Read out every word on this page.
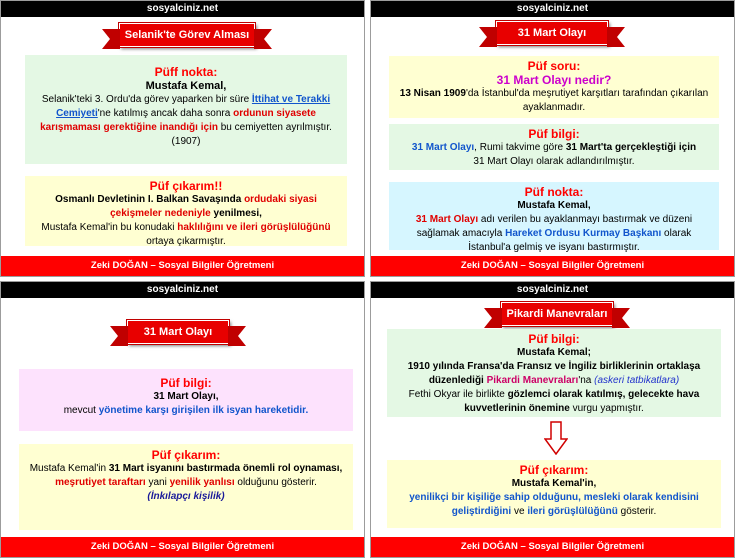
sosyalciniz.net
Selanik'te Görev Alması
Püff nokta:
Mustafa Kemal,
Selanik'teki 3. Ordu'da görev yaparken bir süre İttihat ve Terakki Cemiyeti'ne katılmış ancak daha sonra ordunun siyasete karışmaması gerektiğine inandığı için bu cemiyetten ayrılmıştır. (1907)
Püf çıkarım!!
Osmanlı Devletinin I. Balkan Savaşında ordudaki siyasi çekişmeler nedeniyle yenilmesi,
Mustafa Kemal'in bu konudaki haklılığını ve ileri görüşlülüğünü ortaya çıkarmıştır.
Zeki DOĞAN – Sosyal Bilgiler Öğretmeni
sosyalciniz.net
31 Mart Olayı
Püf soru:
31 Mart Olayı nedir?
13 Nisan 1909'da İstanbul'da meşrutiyet karşıtları tarafından çıkarılan ayaklanmadır.
Püf bilgi:
31 Mart Olayı, Rumi takvime göre 31 Mart'ta gerçekleştiği için
31 Mart Olayı olarak adlandırılmıştır.
Püf nokta:
Mustafa Kemal,
31 Mart Olayı adı verilen bu ayaklanmayı bastırmak ve düzeni sağlamak amacıyla Hareket Ordusu Kurmay Başkanı olarak İstanbul'a gelmiş ve isyanı bastırmıştır.
Zeki DOĞAN – Sosyal Bilgiler Öğretmeni
sosyalciniz.net
31 Mart Olayı
Püf bilgi:
31 Mart Olayı,
mevcut yönetime karşı girişilen ilk isyan hareketidir.
Püf çıkarım:
Mustafa Kemal'in 31 Mart isyanını bastırmada önemli rol oynaması,
meşrutiyet taraftarı yani yenilik yanlısı olduğunu gösterir.
(İnkılapçı kişilik)
Zeki DOĞAN – Sosyal Bilgiler Öğretmeni
sosyalciniz.net
Pikardi Manevraları
Püf bilgi:
Mustafa Kemal;
1910 yılında Fransa'da Fransız ve İngiliz birliklerinin ortaklaşa düzenlediği Pikardi Manevraları'na (askeri tatbikatlara)
Fethi Okyar ile birlikte gözlemci olarak katılmış, gelecekte hava kuvvetlerinin önemine vurgu yapmıştır.
Püf çıkarım:
Mustafa Kemal'in,
yenilikçi bir kişiliğe sahip olduğunu, mesleki olarak kendisini geliştirdiğini ve ileri görüşlülüğünü gösterir.
Zeki DOĞAN – Sosyal Bilgiler Öğretmeni
